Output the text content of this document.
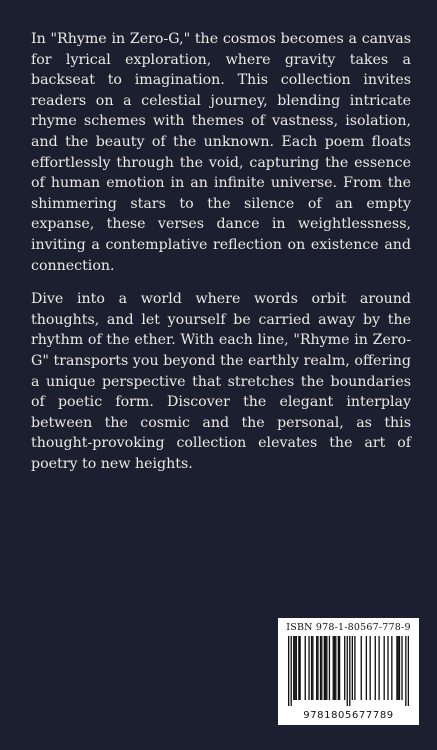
In "Rhyme in Zero-G," the cosmos becomes a canvas for lyrical exploration, where gravity takes a backseat to imagination. This collection invites readers on a celestial journey, blending intricate rhyme schemes with themes of vastness, isolation, and the beauty of the unknown. Each poem floats effortlessly through the void, capturing the essence of human emotion in an infinite universe. From the shimmering stars to the silence of an empty expanse, these verses dance in weightlessness, inviting a contemplative reflection on existence and connection.

Dive into a world where words orbit around thoughts, and let yourself be carried away by the rhythm of the ether. With each line, "Rhyme in Zero-G" transports you beyond the earthly realm, offering a unique perspective that stretches the boundaries of poetic form. Discover the elegant interplay between the cosmic and the personal, as this thought-provoking collection elevates the art of poetry to new heights.

ISBN 978-1-80567-778-9
9781805677789
